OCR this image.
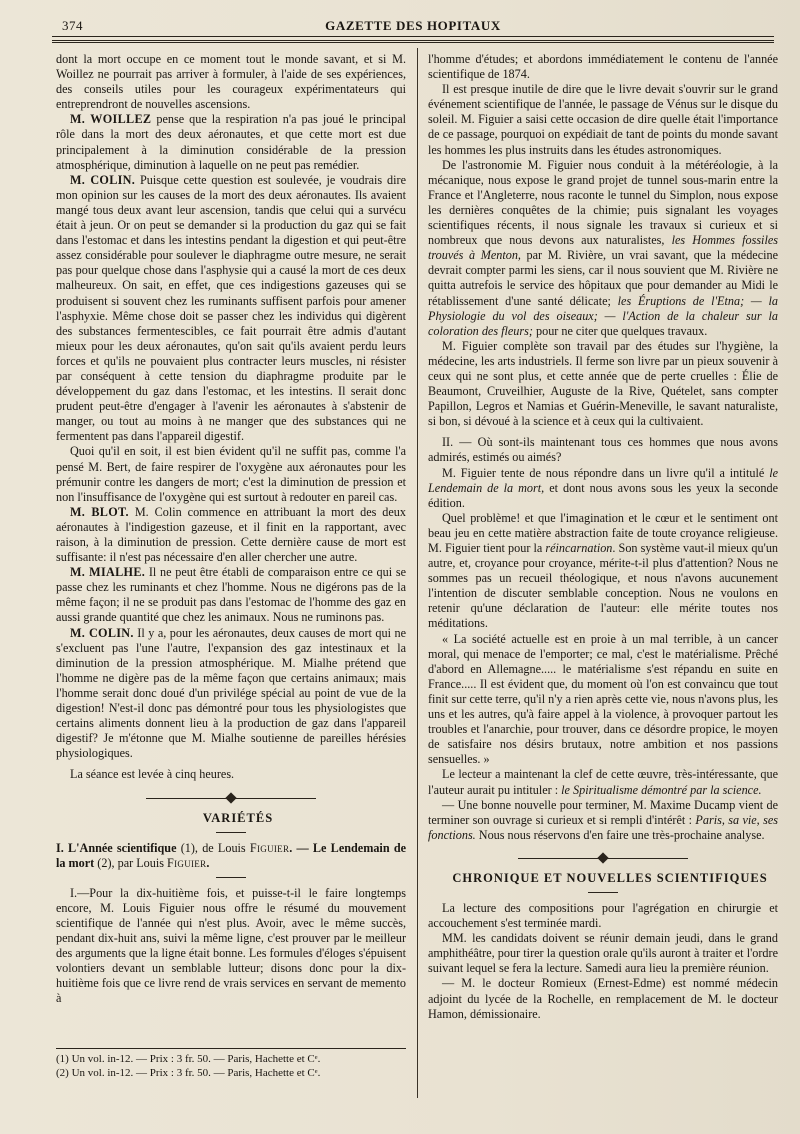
374	GAZETTE DES HOPITAUX

dont la mort occupe en ce moment tout le monde savant, et si M. Woillez ne pourrait pas arriver à formuler, à l'aide de ses expériences, des conseils utiles pour les courageux expérimentateurs qui entreprendront de nouvelles ascensions.

M. WOILLEZ pense que la respiration n'a pas joué le principal rôle dans la mort des deux aéronautes, et que cette mort est due principalement à la diminution considérable de la pression atmosphérique, diminution à laquelle on ne peut pas remédier.

M. COLIN. Puisque cette question est soulevée, je voudrais dire mon opinion sur les causes de la mort des deux aéronautes. Ils avaient mangé tous deux avant leur ascension, tandis que celui qui a survécu était à jeun. Or on peut se demander si la production du gaz qui se fait dans l'estomac et dans les intestins pendant la digestion et qui peut-être assez considérable pour soulever le diaphragme outre mesure, ne serait pas pour quelque chose dans l'asphysie qui a causé la mort de ces deux malheureux. On sait, en effet, que ces indigestions gazeuses qui se produisent si souvent chez les ruminants suffisent parfois pour amener l'asphyxie. Même chose doit se passer chez les individus qui digèrent des substances fermentescibles, ce fait pourrait être admis d'autant mieux pour les deux aéronautes, qu'on sait qu'ils avaient perdu leurs forces et qu'ils ne pouvaient plus contracter leurs muscles, ni résister par conséquent à cette tension du diaphragme produite par le développement du gaz dans l'estomac, et les intestins. Il serait donc prudent peut-être d'engager à l'avenir les aéronautes à s'abstenir de manger, ou tout au moins à ne manger que des substances qui ne fermentent pas dans l'appareil digestif.

Quoi qu'il en soit, il est bien évident qu'il ne suffit pas, comme l'a pensé M. Bert, de faire respirer de l'oxygène aux aéronautes pour les prémunir contre les dangers de mort; c'est la diminution de pression et non l'insuffisance de l'oxygène qui est surtout à redouter en pareil cas.

M. BLOT. M. Colin commence en attribuant la mort des deux aéronautes à l'indigestion gazeuse, et il finit en la rapportant, avec raison, à la diminution de pression. Cette dernière cause de mort est suffisante: il n'est pas nécessaire d'en aller chercher une autre.

M. MIALHE. Il ne peut être établi de comparaison entre ce qui se passe chez les ruminants et chez l'homme. Nous ne digérons pas de la même façon; il ne se produit pas dans l'estomac de l'homme des gaz en aussi grande quantité que chez les animaux. Nous ne ruminons pas.

M. COLIN. Il y a, pour les aéronautes, deux causes de mort qui ne s'excluent pas l'une l'autre, l'expansion des gaz intestinaux et la diminution de la pression atmosphérique. M. Mialhe prétend que l'homme ne digère pas de la même façon que certains animaux; mais l'homme serait donc doué d'un privilége spécial au point de vue de la digestion! N'est-il donc pas démontré pour tous les physiologistes que certains aliments donnent lieu à la production de gaz dans l'appareil digestif? Je m'étonne que M. Mialhe soutienne de pareilles hérésies physiologiques.

La séance est levée à cinq heures.

VARIÉTÉS

I. L'Année scientifique (1), de Louis Figuier. — Le Lendemain de la mort (2), par Louis Figuier.

I.—Pour la dix-huitième fois, et puisse-t-il le faire longtemps encore, M. Louis Figuier nous offre le résumé du mouvement scientifique de l'année qui n'est plus. Avoir, avec le même succès, pendant dix-huit ans, suivi la même ligne, c'est prouver par le meilleur des arguments que la ligne était bonne. Les formules d'éloges s'épuisent volontiers devant un semblable lutteur; disons donc pour la dix-huitième fois que ce livre rend de vrais services en servant de memento à

(1) Un vol. in-12. — Prix : 3 fr. 50. — Paris, Hachette et Cᵉ.
(2) Un vol. in-12. — Prix : 3 fr. 50. — Paris, Hachette et Cᵉ.

l'homme d'études; et abordons immédiatement le contenu de l'année scientifique de 1874.

Il est presque inutile de dire que le livre devait s'ouvrir sur le grand événement scientifique de l'année, le passage de Vénus sur le disque du soleil. M. Figuier a saisi cette occasion de dire quelle était l'importance de ce passage, pourquoi on expédiait de tant de points du monde savant les hommes les plus instruits dans les études astronomiques.

De l'astronomie M. Figuier nous conduit à la météréologie, à la mécanique, nous expose le grand projet de tunnel sous-marin entre la France et l'Angleterre, nous raconte le tunnel du Simplon, nous expose les dernières conquêtes de la chimie; puis signalant les voyages scientifiques récents, il nous signale les travaux si curieux et si nombreux que nous devons aux naturalistes, les Hommes fossiles trouvés à Menton, par M. Rivière, un vrai savant, que la médecine devrait compter parmi les siens, car il nous souvient que M. Rivière ne quitta autrefois le service des hôpitaux que pour demander au Midi le rétablissement d'une santé délicate; les Éruptions de l'Etna; — la Physiologie du vol des oiseaux; — l'Action de la chaleur sur la coloration des fleurs; pour ne citer que quelques travaux.

M. Figuier complète son travail par des études sur l'hygiène, la médecine, les arts industriels. Il ferme son livre par un pieux souvenir à ceux qui ne sont plus, et cette année que de perte cruelles : Élie de Beaumont, Cruveilhier, Auguste de la Rive, Quételet, sans compter Papillon, Legros et Namias et Guérin-Meneville, le savant naturaliste, si bon, si dévoué à la science et à ceux qui la cultivaient.

II. — Où sont-ils maintenant tous ces hommes que nous avons admirés, estimés ou aimés?

M. Figuier tente de nous répondre dans un livre qu'il a intitulé le Lendemain de la mort, et dont nous avons sous les yeux la seconde édition.

Quel problème! et que l'imagination et le cœur et le sentiment ont beau jeu en cette matière abstraction faite de toute croyance religieuse. M. Figuier tient pour la réincarnation. Son système vaut-il mieux qu'un autre, et, croyance pour croyance, mérite-t-il plus d'attention? Nous ne sommes pas un recueil théologique, et nous n'avons aucunement l'intention de discuter semblable conception. Nous ne voulons en retenir qu'une déclaration de l'auteur: elle mérite toutes nos méditations.

« La société actuelle est en proie à un mal terrible, à un cancer moral, qui menace de l'emporter; ce mal, c'est le matérialisme. Prêché d'abord en Allemagne..... le matérialisme s'est répandu en suite en France..... Il est évident que, du moment où l'on est convaincu que tout finit sur cette terre, qu'il n'y a rien après cette vie, nous n'avons plus, les uns et les autres, qu'à faire appel à la violence, à provoquer partout les troubles et l'anarchie, pour trouver, dans ce désordre propice, le moyen de satisfaire nos désirs brutaux, notre ambition et nos passions sensuelles. »

Le lecteur a maintenant la clef de cette œuvre, très-intéressante, que l'auteur aurait pu intituler : le Spiritualisme démontré par la science.

— Une bonne nouvelle pour terminer, M. Maxime Ducamp vient de terminer son ouvrage si curieux et si rempli d'intérêt : Paris, sa vie, ses fonctions. Nous nous réservons d'en faire une très-prochaine analyse.

CHRONIQUE ET NOUVELLES SCIENTIFIQUES

La lecture des compositions pour l'agrégation en chirurgie et accouchement s'est terminée mardi.

MM. les candidats doivent se réunir demain jeudi, dans le grand amphithéâtre, pour tirer la question orale qu'ils auront à traiter et l'ordre suivant lequel se fera la lecture. Samedi aura lieu la première réunion.

— M. le docteur Romieux (Ernest-Edme) est nommé médecin adjoint du lycée de la Rochelle, en remplacement de M. le docteur Hamon, démissionaire.
